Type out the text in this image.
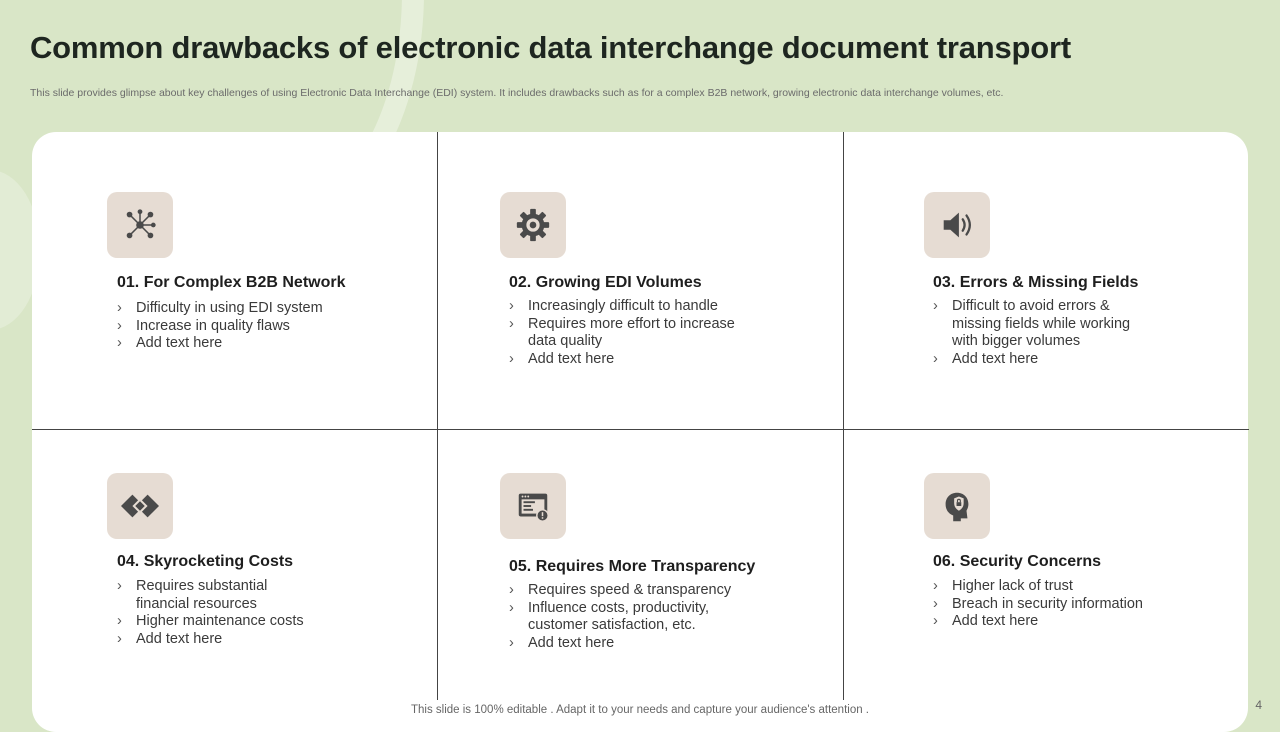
Common drawbacks of electronic data interchange document transport

This slide provides glimpse about key challenges of using Electronic Data Interchange (EDI) system. It includes drawbacks such as for a complex B2B network, growing electronic data interchange volumes, etc.

01. For Complex B2B Network

› Difficulty in using EDI system
› Increase in quality flaws
› Add text here

02. Growing EDI Volumes

› Increasingly difficult to handle
› Requires more effort to increase data quality
› Add text here

03. Errors & Missing Fields

› Difficult to avoid errors & missing fields while working with bigger volumes
› Add text here

04. Skyrocketing Costs

› Requires substantial financial resources
› Higher maintenance costs
› Add text here

05. Requires More Transparency

› Requires speed & transparency
› Influence costs, productivity, customer satisfaction, etc.
› Add text here

06. Security Concerns

› Higher lack of trust
› Breach in security information
› Add text here
This slide is 100% editable . Adapt it to your needs and capture your audience's attention .	4
